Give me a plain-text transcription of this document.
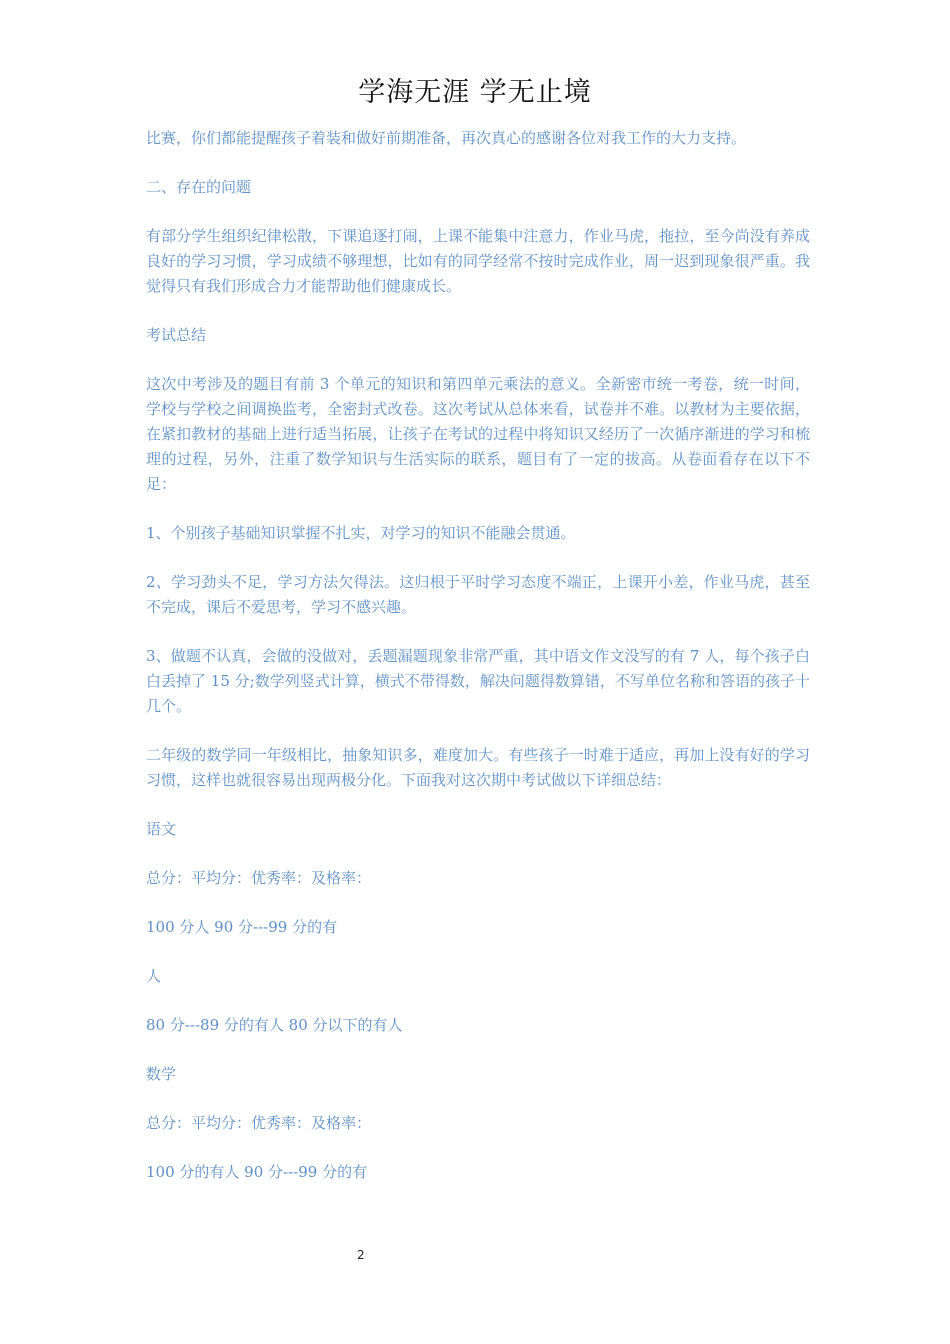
学海无涯 学无止境

比赛，你们都能提醒孩子着装和做好前期准备，再次真心的感谢各位对我工作的大力支持。

二、存在的问题

有部分学生组织纪律松散，下课追逐打闹，上课不能集中注意力，作业马虎，拖拉，至今尚没有养成良好的学习习惯，学习成绩不够理想，比如有的同学经常不按时完成作业，周一迟到现象很严重。我觉得只有我们形成合力才能帮助他们健康成长。

考试总结

这次中考涉及的题目有前 3 个单元的知识和第四单元乘法的意义。全新密市统一考卷，统一时间，学校与学校之间调换监考，全密封式改卷。这次考试从总体来看，试卷并不难。以教材为主要依据，在紧扣教材的基础上进行适当拓展，让孩子在考试的过程中将知识又经历了一次循序渐进的学习和梳理的过程，另外，注重了数学知识与生活实际的联系，题目有了一定的拔高。从卷面看存在以下不足：

1、个别孩子基础知识掌握不扎实，对学习的知识不能融会贯通。

2、学习劲头不足，学习方法欠得法。这归根于平时学习态度不端正，上课开小差，作业马虎，甚至不完成，课后不爱思考，学习不感兴趣。

3、做题不认真，会做的没做对，丢题漏题现象非常严重，其中语文作文没写的有 7 人，每个孩子白白丢掉了 15 分;数学列竖式计算，横式不带得数，解决问题得数算错，不写单位名称和答语的孩子十几个。

二年级的数学同一年级相比，抽象知识多，难度加大。有些孩子一时难于适应，再加上没有好的学习习惯，这样也就很容易出现两极分化。下面我对这次期中考试做以下详细总结：

语文

总分：平均分：优秀率：及格率：

100 分人 90 分---99 分的有

人

80 分---89 分的有人 80 分以下的有人

数学

总分：平均分：优秀率：及格率：

100 分的有人 90 分---99 分的有

2
